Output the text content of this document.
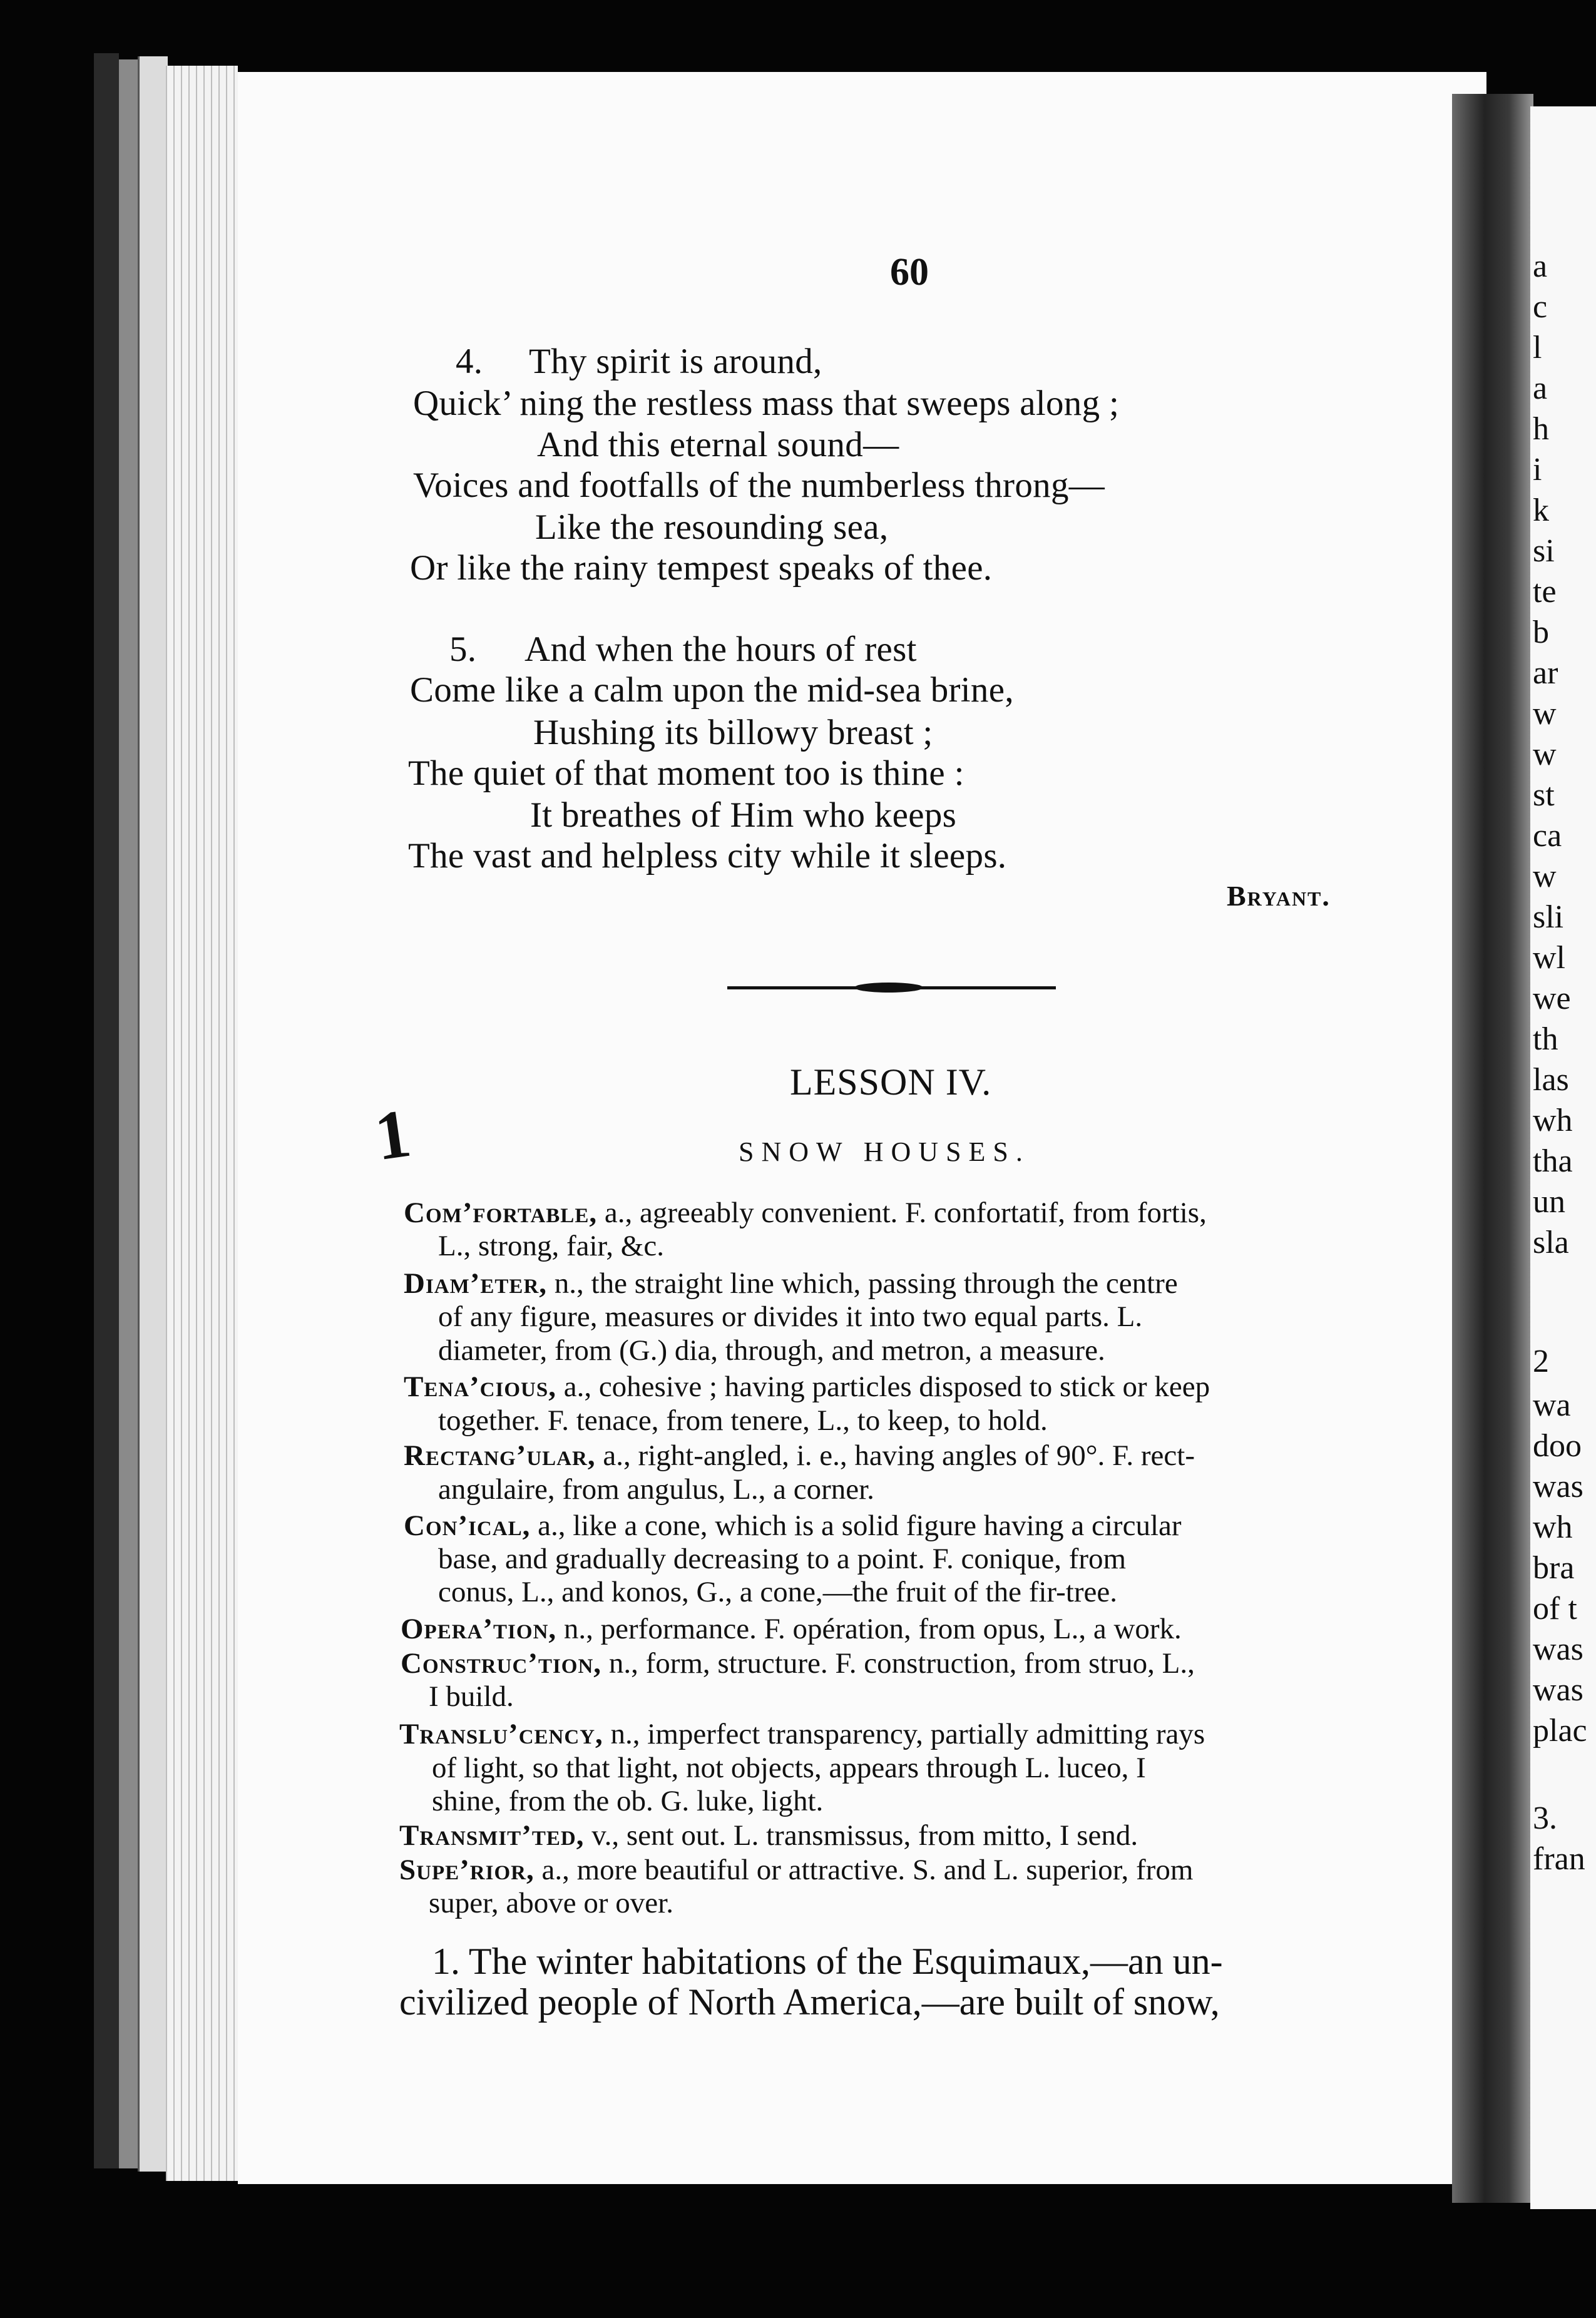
a
c
l
a
h
i
k
si
te
b
ar
w
w
st
ca
w
sli
wl
we
th
las
wh
tha
un
sla
2
wa
doo
was
wh
bra
of t
was
was
plac
3.
fran
60
4. Thy spirit is around,
Quick’ ning the restless mass that sweeps along ;
And this eternal sound—
Voices and footfalls of the numberless throng—
Like the resounding sea,
Or like the rainy tempest speaks of thee.
5. And when the hours of rest
Come like a calm upon the mid-sea brine,
Hushing its billowy breast ;
The quiet of that moment too is thine :
It breathes of Him who keeps
The vast and helpless city while it sleeps.
Bryant.
1
LESSON IV.
SNOW HOUSES.
Com’fortable, a., agreeably convenient. F. confortatif, from fortis,
L., strong, fair, &c.
Diam’eter, n., the straight line which, passing through the centre
of any figure, measures or divides it into two equal parts. L.
diameter, from (G.) dia, through, and metron, a measure.
Tena’cious, a., cohesive ; having particles disposed to stick or keep
together. F. tenace, from tenere, L., to keep, to hold.
Rectang’ular, a., right-angled, i. e., having angles of 90°. F. rect-
angulaire, from angulus, L., a corner.
Con’ical, a., like a cone, which is a solid figure having a circular
base, and gradually decreasing to a point. F. conique, from
conus, L., and konos, G., a cone,—the fruit of the fir-tree.
Opera’tion, n., performance. F. opération, from opus, L., a work.
Construc’tion, n., form, structure. F. construction, from struo, L.,
I build.
Translu’cency, n., imperfect transparency, partially admitting rays
of light, so that light, not objects, appears through L. luceo, I
shine, from the ob. G. luke, light.
Transmit’ted, v., sent out. L. transmissus, from mitto, I send.
Supe’rior, a., more beautiful or attractive. S. and L. superior, from
super, above or over.
1. The winter habitations of the Esquimaux,—an un-
civilized people of North America,—are built of snow,
